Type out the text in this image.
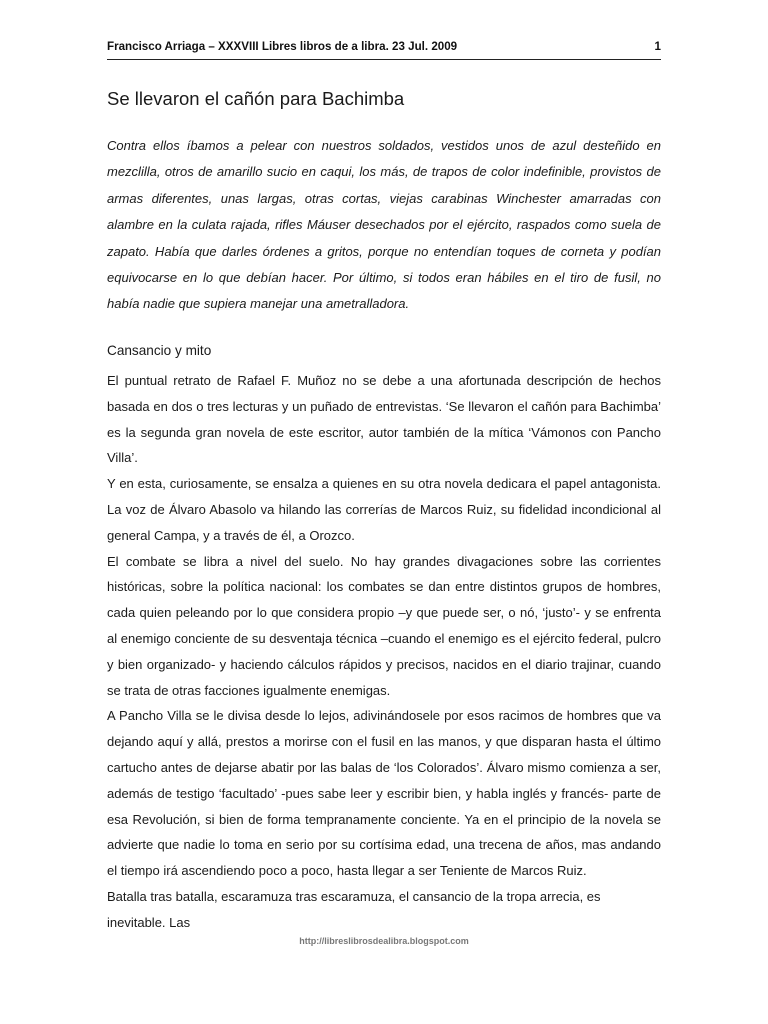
Francisco Arriaga – XXXVIII Libres libros de a libra. 23 Jul. 2009	1
Se llevaron el cañón para Bachimba

Contra ellos íbamos a pelear con nuestros soldados, vestidos unos de azul desteñido en mezclilla, otros de amarillo sucio en caqui, los más, de trapos de color indefinible, provistos de armas diferentes, unas largas, otras cortas, viejas carabinas Winchester amarradas con alambre en la culata rajada, rifles Máuser desechados por el ejército, raspados como suela de zapato. Había que darles órdenes a gritos, porque no entendían toques de corneta y podían equivocarse en lo que debían hacer. Por último, si todos eran hábiles en el tiro de fusil, no había nadie que supiera manejar una ametralladora.

Cansancio y mito

El puntual retrato de Rafael F. Muñoz no se debe a una afortunada descripción de hechos basada en dos o tres lecturas y un puñado de entrevistas. ‘Se llevaron el cañón para Bachimba’ es la segunda gran novela de este escritor, autor también de la mítica ‘Vámonos con Pancho Villa’.

Y en esta, curiosamente, se ensalza a quienes en su otra novela dedicara el papel antagonista. La voz de Álvaro Abasolo va hilando las correrías de Marcos Ruiz, su fidelidad incondicional al general Campa, y a través de él, a Orozco.

El combate se libra a nivel del suelo. No hay grandes divagaciones sobre las corrientes históricas, sobre la política nacional: los combates se dan entre distintos grupos de hombres, cada quien peleando por lo que considera propio –y que puede ser, o nó, ‘justo’- y se enfrenta al enemigo conciente de su desventaja técnica –cuando el enemigo es el ejército federal, pulcro y bien organizado- y haciendo cálculos rápidos y precisos, nacidos en el diario trajinar, cuando se trata de otras facciones igualmente enemigas.

A Pancho Villa se le divisa desde lo lejos, adivinándosele por esos racimos de hombres que va dejando aquí y allá, prestos a morirse con el fusil en las manos, y que disparan hasta el último cartucho antes de dejarse abatir por las balas de ‘los Colorados’. Álvaro mismo comienza a ser, además de testigo ‘facultado’ -pues sabe leer y escribir bien, y habla inglés y francés- parte de esa Revolución, si bien de forma tempranamente conciente. Ya en el principio de la novela se advierte que nadie lo toma en serio por su cortísima edad, una trecena de años, mas andando el tiempo irá ascendiendo poco a poco, hasta llegar a ser Teniente de Marcos Ruiz.

Batalla tras batalla, escaramuza tras escaramuza, el cansancio de la tropa arrecia, es inevitable. Las

http://libreslibrosdealibra.blogspot.com
